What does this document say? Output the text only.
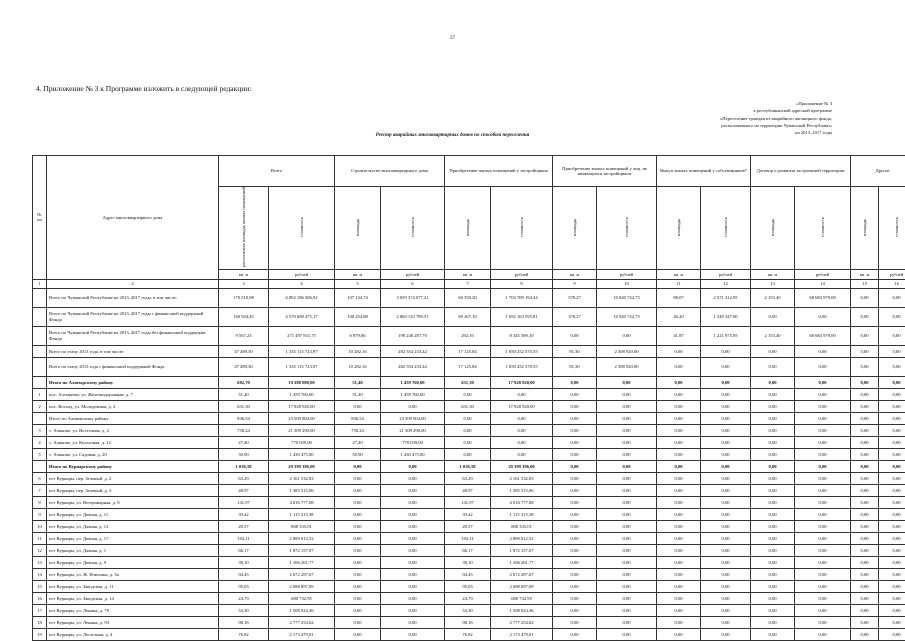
37
4. Приложение № 3 к Программе изложить в следующей редакции:
«Приложение № 3
к республиканской адресной программе
«Переселение граждан из аварийного жилищного фонда,
расположенного на территории Чувашской Республики»
на 2013–2017 годы
Реестр аварийных многоквартирных домов по способам переселения
№ пп	Адрес многоквартирного дома	Всего		Строительство многоквартирного дома		Приобретение жилых помещений у застройщиков		Приобретение жилых помещений у лиц, не являющихся застройщиком		Выкуп жилых помещений у собственников*		Договор о развитии застроенной территории		Другие	
		расселяемая площадь жилых помещений	стоимость	площадь	стоимость	площадь	стоимость	площадь	стоимость	площадь	стоимость	площадь	стоимость	площадь	стоимость
		кв. м	рублей	кв. м	рублей	кв. м	рублей	кв. м	рублей	кв. м	рублей	кв. м	рублей	кв. м	рублей
1	2	3	4	5	6	7	8	9	10	11	12	13	14	15	16
	Всего по Чувашской Республике на 2013–2017 годы, в том числе:	170 510,98	4 802 186 306,92	107 134,74	3 059 374 077,21	60 559,20	1 703 709 194,34	578,27	10 840 742,75	88,07	2 571 312,95	2 153,40	68 683 979,00	0,00	0,00
	Всего по Чувашской Республике на 2013–2017 годы с финансовой поддержкой Фонда	160 944,45	4 570 688 475,17	100 254,88	2 860 133 789,51	60 267,10	1 692 163 595,81	378,27	10 840 742,75	46,20	1 549 347,00	0,00	0,00	0,00	0,00
	Всего по Чувашской Республике на 2013–2017 годы без финансовой поддержки Фонда	9 567,23	271 497 831,75	6 879,86	199 240 287,70	292,10	8 345 589,10	0,00	0,00	41,87	1 221 975,95	2 153,40	68 683 979,00	0,00	0,00
	Всего по этапу 2013 года, в том числе:	47 489,30	1 335 115 723,97	10 282,16	282 554 233,42	17 125,84	1 050 252 570,55	81,30	2 308 920,00	0,00	0,00	0,00	0,00	0,00	0,00
	Всего по этапу 2013 года с финансовой поддержкой Фонда	47 489,30	1 335 115 723,97	10 282,16	282 554 233,42	17 125,84	1 050 252 570,55	81,30	2 308 920,00	0,00	0,00	0,00	0,00	0,00	0,00
	Итого по Алатырскому району	682,70	19 388 080,00	51,40	1 459 760,00	631,30	17 928 920,00	0,00	0,00	0,00	0,00	0,00	0,00	0,00	0,00
1	пос. Алтышево, ул. Железнодорожная, д. 7	51,40	1 459 760,00	51,40	1 459 760,00	0,00	0,00	0,00	0,00	0,00	0,00	0,00	0,00	0,00	0,00
2	пос. Восход, ул. Молодежная, д. 2	631,30	17 928 920,00	0,00	0,00	631,30	17 928 920,00	0,00	0,00	0,00	0,00	0,00	0,00	0,00	0,00
	Итого по Аликовскому району	836,54	23 509 804,00	836,54	23 509 804,00	0,00	0,00	0,00	0,00	0,00	0,00	0,00	0,00	0,00	0,00
3	с. Аликово, ул. Восточная, д. 2	758,24	21 309 290,00	758,24	21 309 290,00	0,00	0,00	0,00	0,00	0,00	0,00	0,00	0,00	0,00	0,00
4	с. Аликово, ул. Колхозная, д. 12	27,40	770 039,00	27,40	770 039,00	0,00	0,00	0,00	0,00	0,00	0,00	0,00	0,00	0,00	0,00
5	с. Аликово, ул. Садовая, д. 20	50,90	1 430 475,00	50,90	1 430 475,00	0,00	0,00	0,00	0,00	0,00	0,00	0,00	0,00	0,00	0,00
	Итого по Вурнарскому району	1 036,58	29 399 396,00	0,00	0,00	1 036,58	29 399 396,00	0,00	0,00	0,00	0,00	0,00	0,00	0,00	0,00
6	пгт Вурнары, пер. Зеленый, д. 2	63,29	2 161 532,83	0,00	0,00	63,29	2 161 532,83	0,00	0,00	0,00	0,00	0,00	0,00	0,00	0,00
7	пгт Вурнары, пер. Зеленый, д. 3	48,97	1 385 515,06	0,00	0,00	48,97	1 385 515,06	0,00	0,00	0,00	0,00	0,00	0,00	0,00	0,00
8	пгт Вурнары, ул. Ветеринарная, д. 8	141,97	4 016 777,08	0,00	0,00	141,97	4 016 777,08	0,00	0,00	0,00	0,00	0,00	0,00	0,00	0,00
9	пгт Вурнары, ул. Дачная, д. 11	39,42	1 115 315,38	0,00	0,00	39,42	1 115 315,38	0,00	0,00	0,00	0,00	0,00	0,00	0,00	0,00
10	пгт Вурнары, ул. Дачная, д. 12	28,57	808 335,01	0,00	0,00	28,57	808 335,01	0,00	0,00	0,00	0,00	0,00	0,00	0,00	0,00
11	пгт Вурнары, ул. Дачная, д. 17	102,11	2 889 012,52	0,00	0,00	102,11	2 889 012,52	0,00	0,00	0,00	0,00	0,00	0,00	0,00	0,00
12	пгт Вурнары, ул. Дачная, д. 1	66,17	1 872 157,07	0,00	0,00	66,17	1 872 157,07	0,00	0,00	0,00	0,00	0,00	0,00	0,00	0,00
13	пгт Вурнары, ул. Дачная, д. 9	39,10	1 106 261,77	0,00	0,00	39,10	1 106 261,77	0,00	0,00	0,00	0,00	0,00	0,00	0,00	0,00
14	пгт Вурнары, ул. Ж. Илюхина, д. 3а	94,45	2 672 287,67	0,00	0,00	94,45	2 672 287,67	0,00	0,00	0,00	0,00	0,00	0,00	0,00	0,00
15	пгт Вурнары, ул. Заводская, д. 11	95,03	2 688 697,09	0,00	0,00	95,03	2 688 697,09	0,00	0,00	0,00	0,00	0,00	0,00	0,00	0,00
16	пгт Вурнары, ул. Заводская, д. 14	24,79	680 732,95	0,00	0,00	24,79	680 732,95	0,00	0,00	0,00	0,00	0,00	0,00	0,00	0,00
17	пгт Вурнары, ул. Ленина, д. 79	53,30	1 508 024,36	0,00	0,00	53,30	1 508 024,36	0,00	0,00	0,00	0,00	0,00	0,00	0,00	0,00
18	пгт Вурнары, ул. Ленина, д. 93	98,16	2 777 254,62	0,00	0,00	98,16	2 777 254,62	0,00	0,00	0,00	0,00	0,00	0,00	0,00	0,00
19	пгт Вурнары, ул. Лесхозная, д. 4	76,82	2 173 479,01	0,00	0,00	76,82	2 173 479,01	0,00	0,00	0,00	0,00	0,00	0,00	0,00	0,00
